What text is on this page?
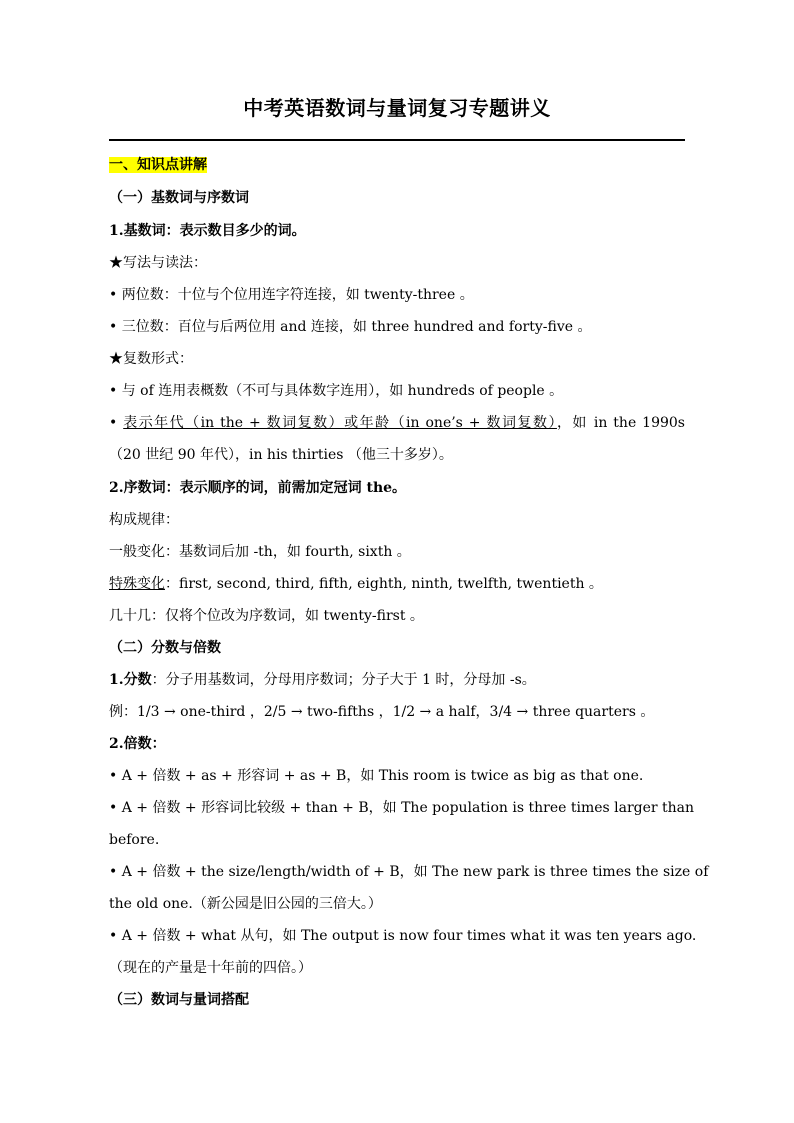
中考英语数词与量词复习专题讲义
一、知识点讲解
（一）基数词与序数词
1.基数词：表示数目多少的词。
★写法与读法：
• 两位数：十位与个位用连字符连接，如 twenty-three 。
• 三位数：百位与后两位用 and 连接，如 three hundred and forty-five 。
★复数形式：
• 与 of 连用表概数（不可与具体数字连用），如 hundreds of people 。
• 表示年代（in the + 数词复数）或年龄（in one’s + 数词复数），如 in the 1990s
（20 世纪 90 年代），in his thirties （他三十多岁）。
2.序数词：表示顺序的词，前需加定冠词 the。
构成规律：
一般变化：基数词后加 -th，如 fourth, sixth 。
特殊变化：first, second, third, fifth, eighth, ninth, twelfth, twentieth 。
几十几：仅将个位改为序数词，如 twenty-first 。
（二）分数与倍数
1.分数：分子用基数词，分母用序数词；分子大于 1 时，分母加 -s。
例：1/3 → one-third ，2/5 → two-fifths ，1/2 → a half，3/4 → three quarters 。
2.倍数：
• A + 倍数 + as + 形容词 + as + B，如 This room is twice as big as that one.
• A + 倍数 + 形容词比较级 + than + B，如 The population is three times larger than
before.
• A + 倍数 + the size/length/width of + B，如 The new park is three times the size of
the old one.（新公园是旧公园的三倍大。）
• A + 倍数 + what 从句，如 The output is now four times what it was ten years ago.
（现在的产量是十年前的四倍。）
（三）数词与量词搭配
